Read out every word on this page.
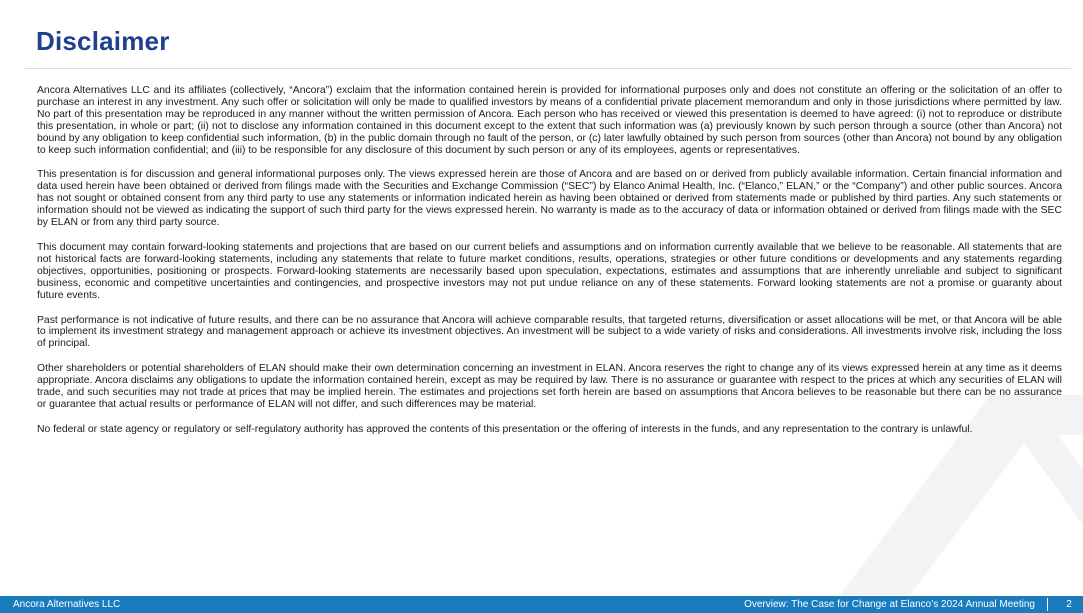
Disclaimer

Ancora Alternatives LLC and its affiliates (collectively, “Ancora”) exclaim that the information contained herein is provided for informational purposes only and does not constitute an offering or the solicitation of an offer to purchase an interest in any investment. Any such offer or solicitation will only be made to qualified investors by means of a confidential private placement memorandum and only in those jurisdictions where permitted by law. No part of this presentation may be reproduced in any manner without the written permission of Ancora. Each person who has received or viewed this presentation is deemed to have agreed: (i) not to reproduce or distribute this presentation, in whole or part; (ii) not to disclose any information contained in this document except to the extent that such information was (a) previously known by such person through a source (other than Ancora) not bound by any obligation to keep confidential such information, (b) in the public domain through no fault of the person, or (c) later lawfully obtained by such person from sources (other than Ancora) not bound by any obligation to keep such information confidential; and (iii) to be responsible for any disclosure of this document by such person or any of its employees, agents or representatives.

This presentation is for discussion and general informational purposes only. The views expressed herein are those of Ancora and are based on or derived from publicly available information. Certain financial information and data used herein have been obtained or derived from filings made with the Securities and Exchange Commission (“SEC”) by Elanco Animal Health, Inc. (“Elanco,” ELAN,” or the “Company”) and other public sources. Ancora has not sought or obtained consent from any third party to use any statements or information indicated herein as having been obtained or derived from statements made or published by third parties. Any such statements or information should not be viewed as indicating the support of such third party for the views expressed herein. No warranty is made as to the accuracy of data or information obtained or derived from filings made with the SEC by ELAN or from any third party source.

This document may contain forward-looking statements and projections that are based on our current beliefs and assumptions and on information currently available that we believe to be reasonable. All statements that are not historical facts are forward-looking statements, including any statements that relate to future market conditions, results, operations, strategies or other future conditions or developments and any statements regarding objectives, opportunities, positioning or prospects. Forward-looking statements are necessarily based upon speculation, expectations, estimates and assumptions that are inherently unreliable and subject to significant business, economic and competitive uncertainties and contingencies, and prospective investors may not put undue reliance on any of these statements. Forward looking statements are not a promise or guaranty about future events.

Past performance is not indicative of future results, and there can be no assurance that Ancora will achieve comparable results, that targeted returns, diversification or asset allocations will be met, or that Ancora will be able to implement its investment strategy and management approach or achieve its investment objectives. An investment will be subject to a wide variety of risks and considerations. All investments involve risk, including the loss of principal.

Other shareholders or potential shareholders of ELAN should make their own determination concerning an investment in ELAN. Ancora reserves the right to change any of its views expressed herein at any time as it deems appropriate. Ancora disclaims any obligations to update the information contained herein, except as may be required by law. There is no assurance or guarantee with respect to the prices at which any securities of ELAN will trade, and such securities may not trade at prices that may be implied herein. The estimates and projections set forth herein are based on assumptions that Ancora believes to be reasonable but there can be no assurance or guarantee that actual results or performance of ELAN will not differ, and such differences may be material.

No federal or state agency or regulatory or self-regulatory authority has approved the contents of this presentation or the offering of interests in the funds, and any representation to the contrary is unlawful.

Ancora Alternatives LLC	Overview: The Case for Change at Elanco’s 2024 Annual Meeting	2
